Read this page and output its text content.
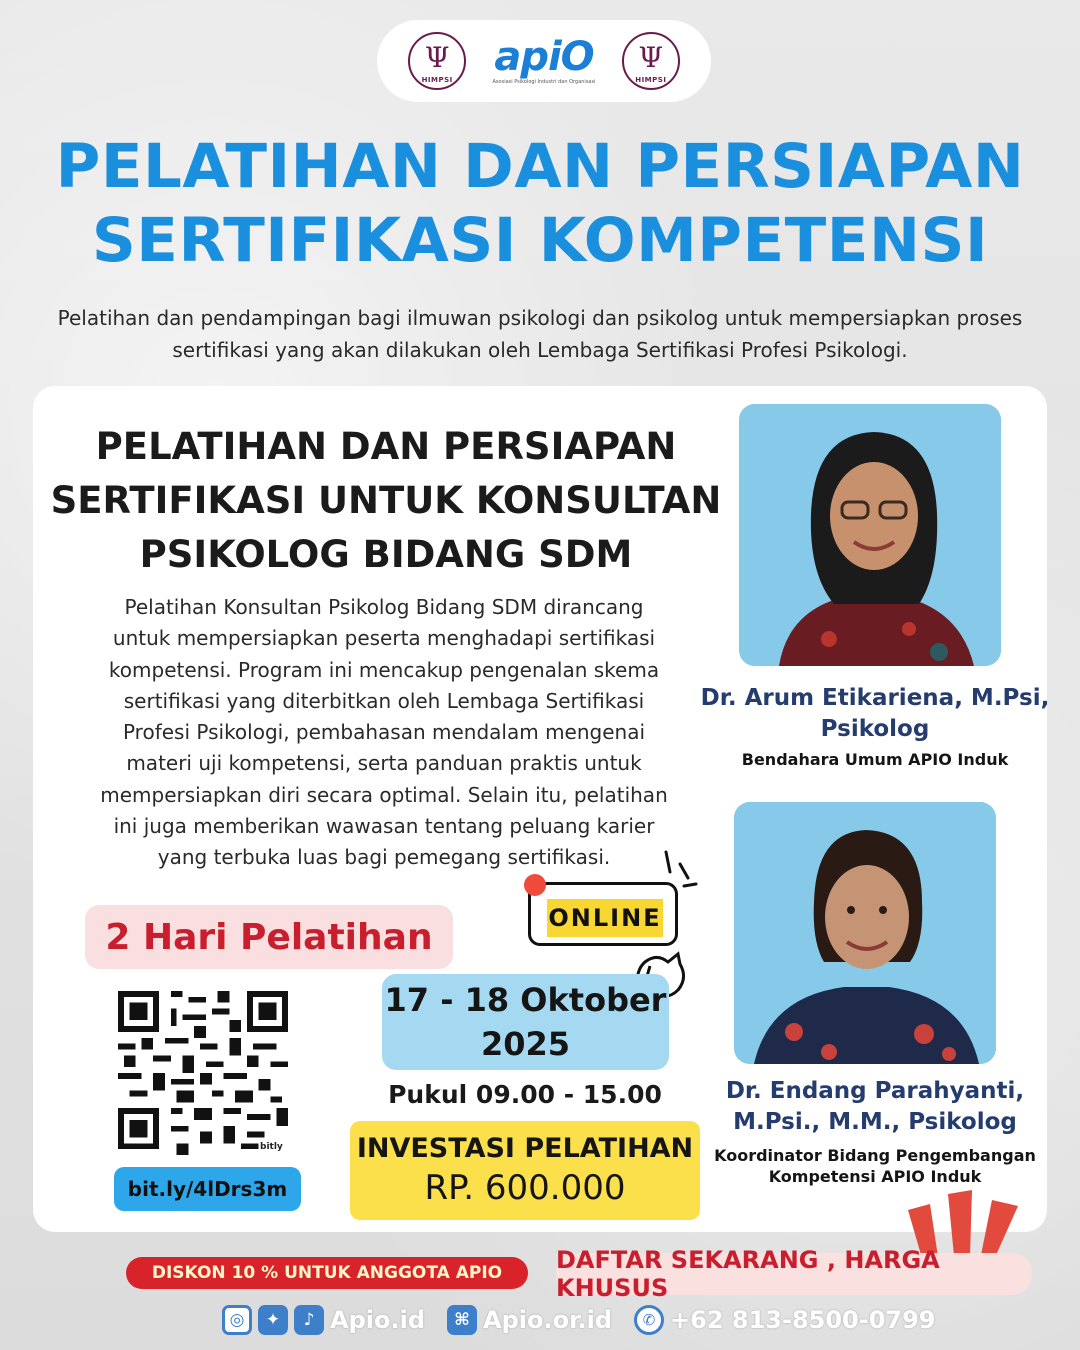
Ψ
HIMPSI apiO
Asosiasi Psikologi Industri dan Organisasi
Ψ
HIMPSI
PELATIHAN DAN PERSIAPAN
SERTIFIKASI KOMPETENSI
Pelatihan dan pendampingan bagi ilmuwan psikologi dan psikolog untuk mempersiapkan proses
sertifikasi yang akan dilakukan oleh Lembaga Sertifikasi Profesi Psikologi.
PELATIHAN DAN PERSIAPAN
SERTIFIKASI UNTUK KONSULTAN
PSIKOLOG BIDANG SDM
Pelatihan Konsultan Psikolog Bidang SDM dirancang
untuk mempersiapkan peserta menghadapi sertifikasi
kompetensi. Program ini mencakup pengenalan skema
sertifikasi yang diterbitkan oleh Lembaga Sertifikasi
Profesi Psikologi, pembahasan mendalam mengenai
materi uji kompetensi, serta panduan praktis untuk
mempersiapkan diri secara optimal. Selain itu, pelatihan
ini juga memberikan wawasan tentang peluang karier
yang terbuka luas bagi pemegang sertifikasi.
2 Hari Pelatihan	ONLINE
17 - 18 Oktober
2025
Pukul 09.00 - 15.00
INVESTASI PELATIHAN
RP. 600.000
bitly
bit.ly/4lDrs3m
Dr. Arum Etikariena, M.Psi,
Psikolog
Bendahara Umum APIO Induk
Dr. Endang Parahyanti,
M.Psi., M.M., Psikolog
Koordinator Bidang Pengembangan
Kompetensi APIO Induk
DISKON 10 % UNTUK ANGGOTA APIO	DAFTAR SEKARANG , HARGA KHUSUS
◎	✦	♪ Apio.id	⌘ Apio.or.id	✆ +62 813-8500-0799
